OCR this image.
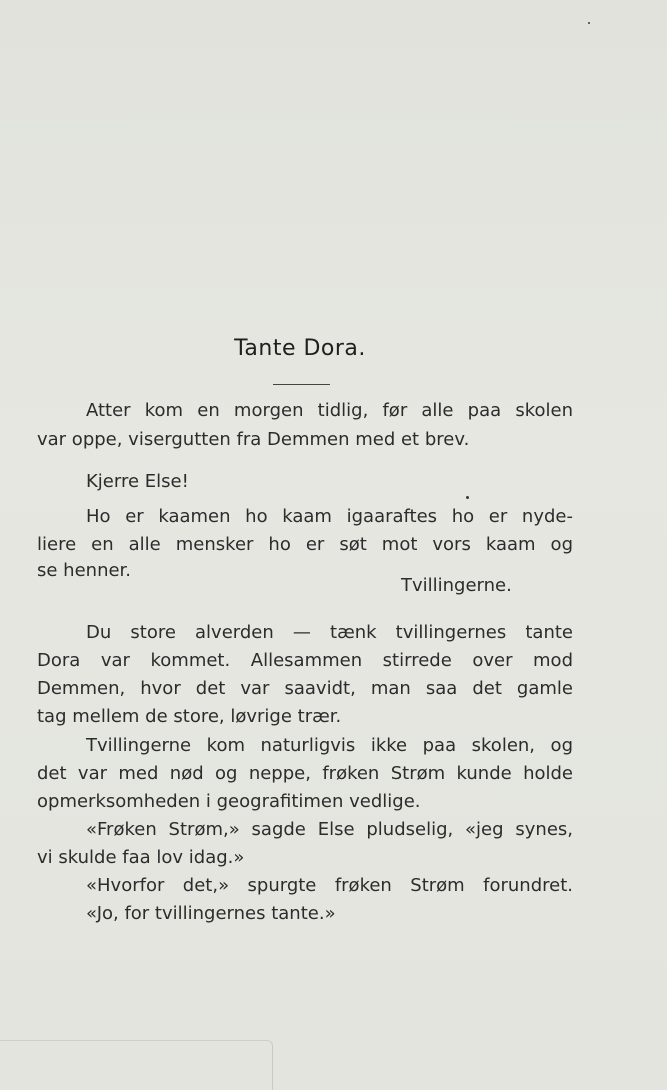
Tante Dora.
Atter kom en morgen tidlig, før alle paa skolen
var oppe, visergutten fra Demmen med et brev.
Kjerre Else!
Ho er kaamen ho kaam igaaraftes ho er nyde-
liere en alle mensker ho er søt mot vors kaam og
se henner.
Tvillingerne.
Du store alverden — tænk tvillingernes tante
Dora var kommet. Allesammen stirrede over mod
Demmen, hvor det var saavidt, man saa det gamle
tag mellem de store, løvrige trær.
Tvillingerne kom naturligvis ikke paa skolen, og
det var med nød og neppe, frøken Strøm kunde holde
opmerksomheden i geografitimen vedlige.
«Frøken Strøm,» sagde Else pludselig, «jeg synes,
vi skulde faa lov idag.»
«Hvorfor det,» spurgte frøken Strøm forundret.
«Jo, for tvillingernes tante.»
